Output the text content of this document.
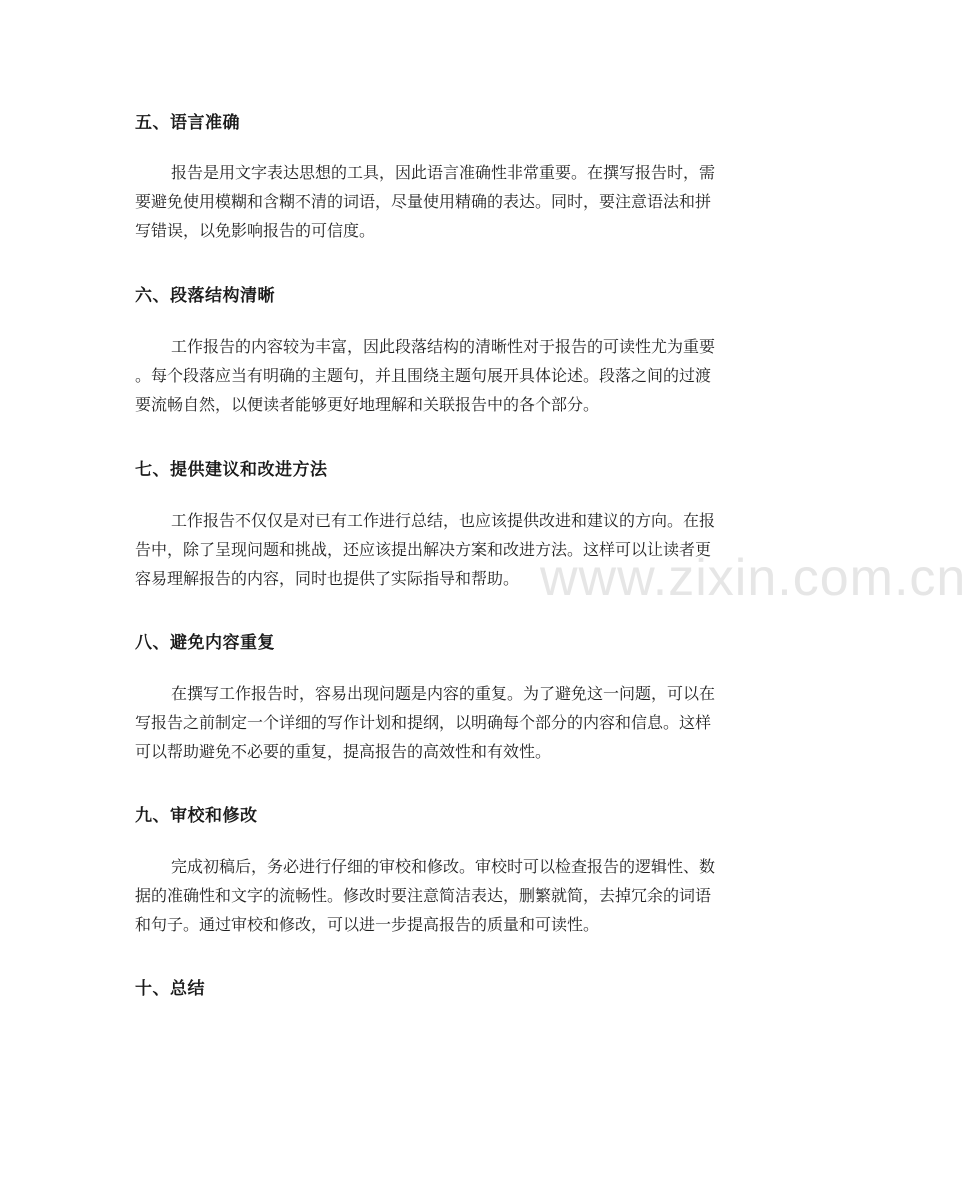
www.zixin.com.cn
五、语言准确
报告是用文字表达思想的工具，因此语言准确性非常重要。在撰写报告时，需
要避免使用模糊和含糊不清的词语，尽量使用精确的表达。同时，要注意语法和拼
写错误，以免影响报告的可信度。
六、段落结构清晰
工作报告的内容较为丰富，因此段落结构的清晰性对于报告的可读性尤为重要
。每个段落应当有明确的主题句，并且围绕主题句展开具体论述。段落之间的过渡
要流畅自然，以便读者能够更好地理解和关联报告中的各个部分。
七、提供建议和改进方法
工作报告不仅仅是对已有工作进行总结，也应该提供改进和建议的方向。在报
告中，除了呈现问题和挑战，还应该提出解决方案和改进方法。这样可以让读者更
容易理解报告的内容，同时也提供了实际指导和帮助。
八、避免内容重复
在撰写工作报告时，容易出现问题是内容的重复。为了避免这一问题，可以在
写报告之前制定一个详细的写作计划和提纲，以明确每个部分的内容和信息。这样
可以帮助避免不必要的重复，提高报告的高效性和有效性。
九、审校和修改
完成初稿后，务必进行仔细的审校和修改。审校时可以检查报告的逻辑性、数
据的准确性和文字的流畅性。修改时要注意简洁表达，删繁就简，去掉冗余的词语
和句子。通过审校和修改，可以进一步提高报告的质量和可读性。
十、总结
